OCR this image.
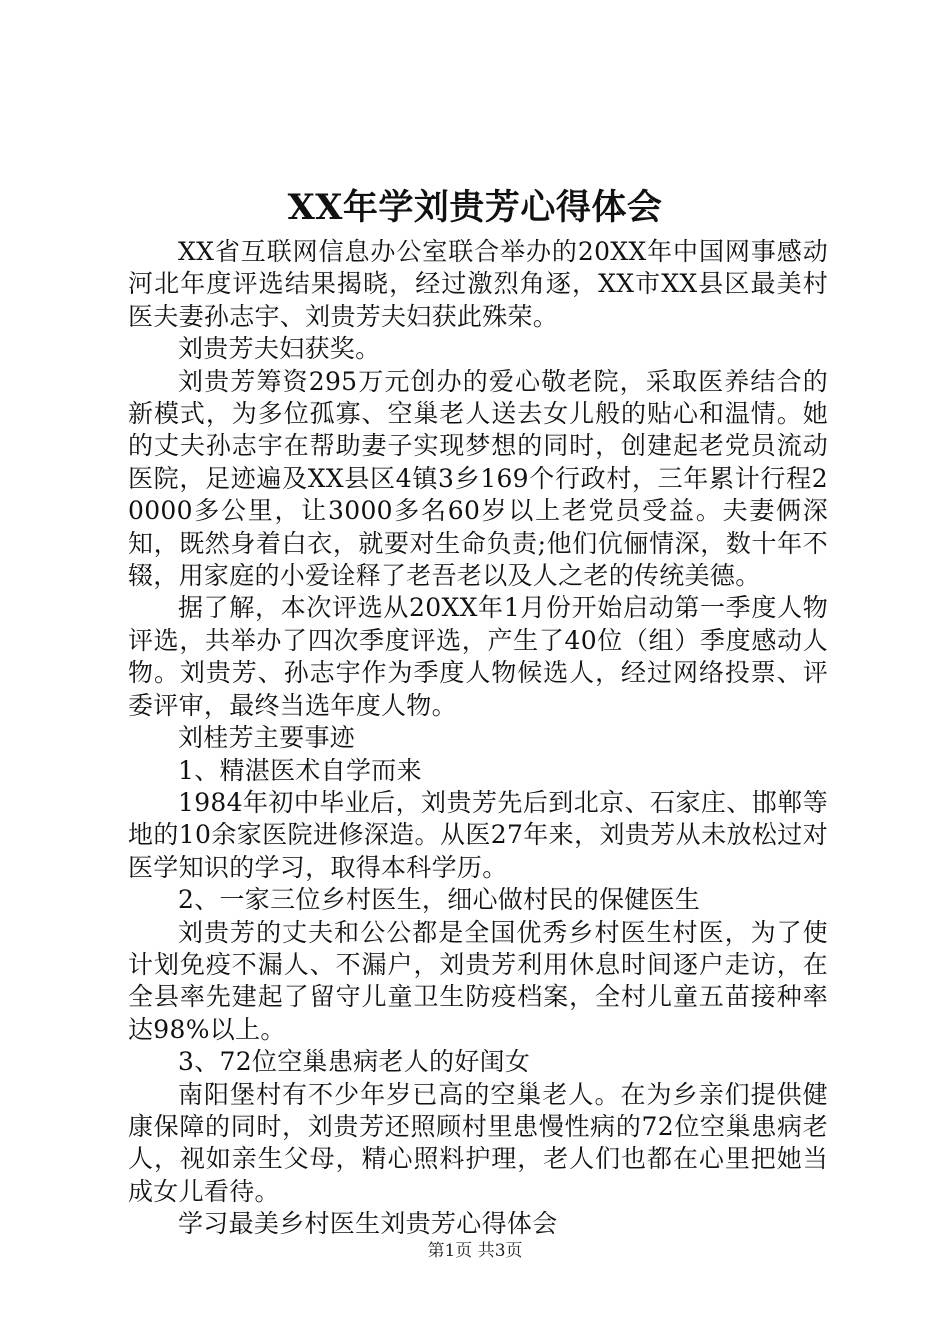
XX年学刘贵芳心得体会

XX省互联网信息办公室联合举办的20XX年中国网事感动河北年度评选结果揭晓，经过激烈角逐，XX市XX县区最美村医夫妻孙志宇、刘贵芳夫妇获此殊荣。

刘贵芳夫妇获奖。

刘贵芳筹资295万元创办的爱心敬老院，采取医养结合的新模式，为多位孤寡、空巢老人送去女儿般的贴心和温情。她的丈夫孙志宇在帮助妻子实现梦想的同时，创建起老党员流动医院，足迹遍及XX县区4镇3乡169个行政村，三年累计行程20000多公里，让3000多名60岁以上老党员受益。夫妻俩深知，既然身着白衣，就要对生命负责;他们伉俪情深，数十年不辍，用家庭的小爱诠释了老吾老以及人之老的传统美德。

据了解，本次评选从20XX年1月份开始启动第一季度人物评选，共举办了四次季度评选，产生了40位（组）季度感动人物。刘贵芳、孙志宇作为季度人物候选人，经过网络投票、评委评审，最终当选年度人物。

刘桂芳主要事迹

1、精湛医术自学而来

1984年初中毕业后，刘贵芳先后到北京、石家庄、邯郸等地的10余家医院进修深造。从医27年来，刘贵芳从未放松过对医学知识的学习，取得本科学历。

2、一家三位乡村医生，细心做村民的保健医生

刘贵芳的丈夫和公公都是全国优秀乡村医生村医，为了使计划免疫不漏人、不漏户，刘贵芳利用休息时间逐户走访，在全县率先建起了留守儿童卫生防疫档案，全村儿童五苗接种率达98%以上。

3、72位空巢患病老人的好闺女

南阳堡村有不少年岁已高的空巢老人。在为乡亲们提供健康保障的同时，刘贵芳还照顾村里患慢性病的72位空巢患病老人，视如亲生父母，精心照料护理，老人们也都在心里把她当成女儿看待。

学习最美乡村医生刘贵芳心得体会

第1页 共3页
